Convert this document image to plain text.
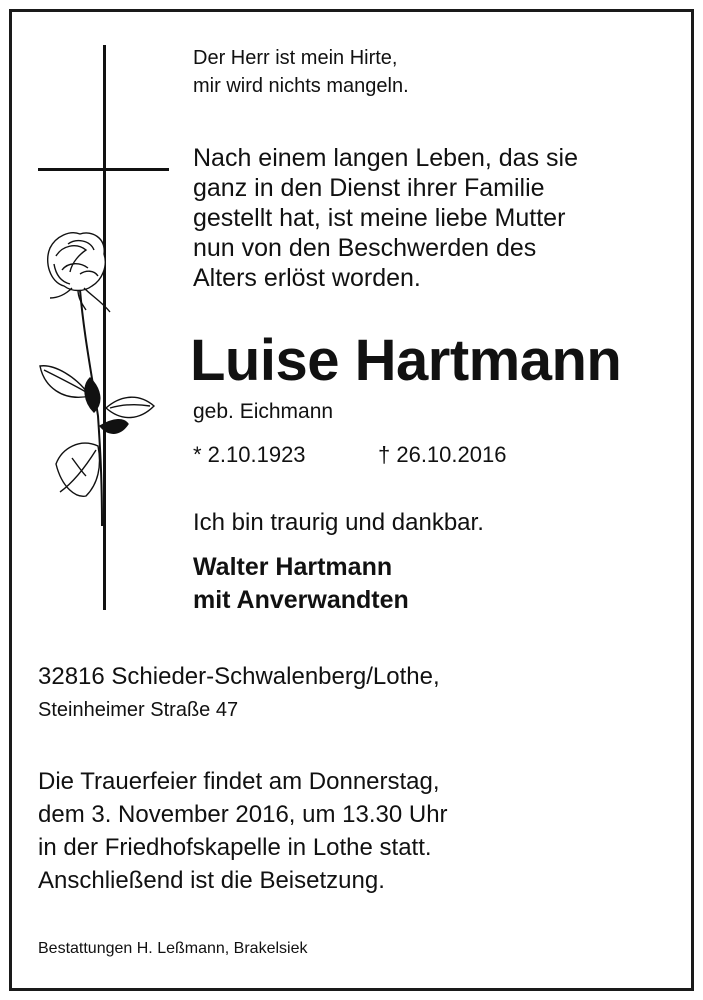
Der Herr ist mein Hirte,
mir wird nichts mangeln.
Nach einem langen Leben, das sie
ganz in den Dienst ihrer Familie
gestellt hat, ist meine liebe Mutter
nun von den Beschwerden des
Alters erlöst worden.
Luise Hartmann
geb. Eichmann
* 2.10.1923	† 26.10.2016
Ich bin traurig und dankbar.
Walter Hartmann
mit Anverwandten
32816 Schieder-Schwalenberg/Lothe,
Steinheimer Straße 47
Die Trauerfeier findet am Donnerstag,
dem 3. November 2016, um 13.30 Uhr
in der Friedhofskapelle in Lothe statt.
Anschließend ist die Beisetzung.
Bestattungen H. Leßmann, Brakelsiek
